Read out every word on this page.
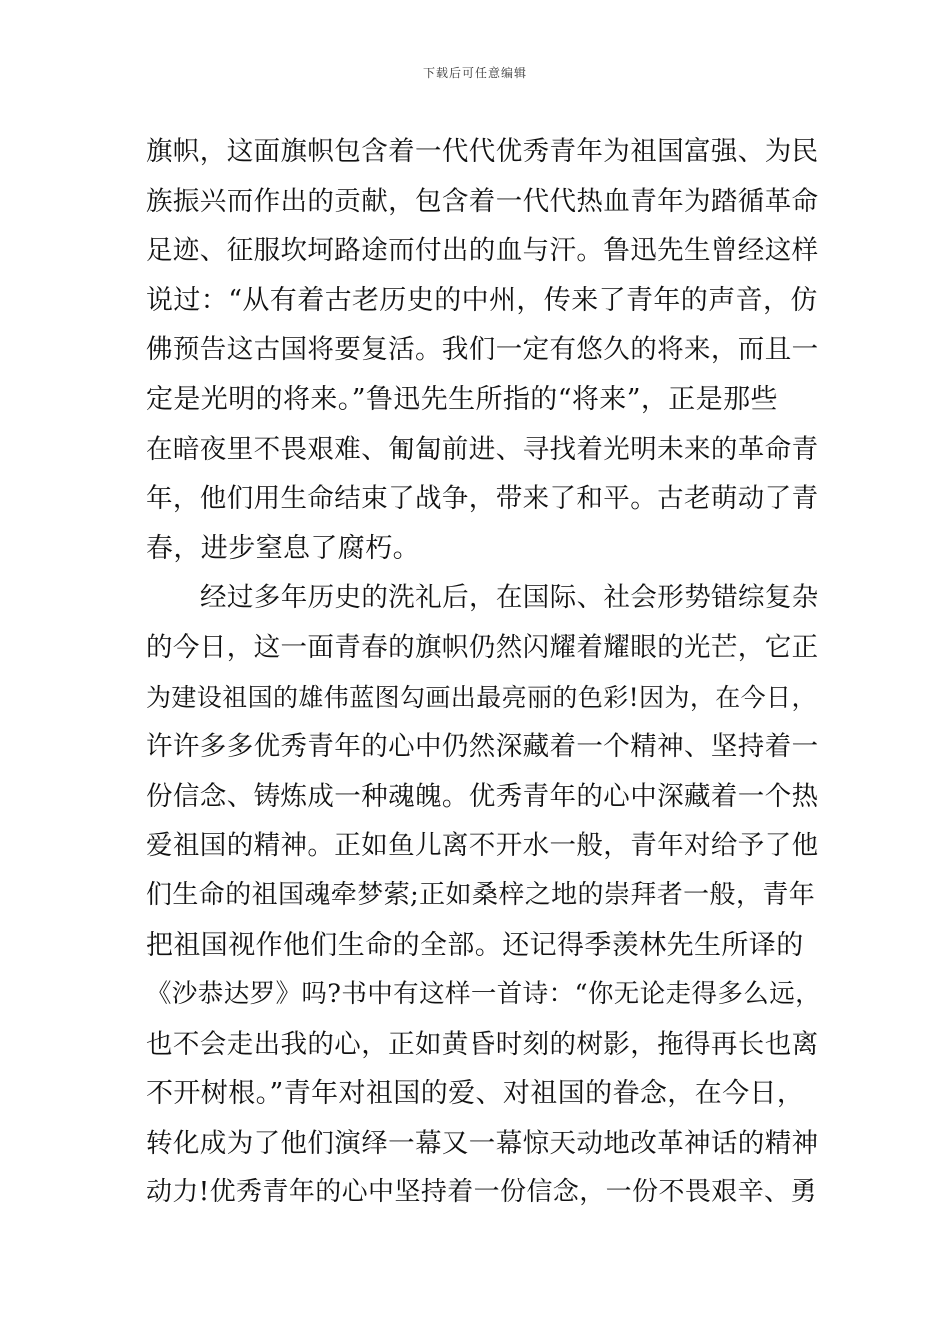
下载后可任意编辑
旗帜，这面旗帜包含着一代代优秀青年为祖国富强、为民
族振兴而作出的贡献，包含着一代代热血青年为踏循革命
足迹、征服坎坷路途而付出的血与汗。鲁迅先生曾经这样
说过：“从有着古老历史的中州，传来了青年的声音，仿
佛预告这古国将要复活。我们一定有悠久的将来，而且一
定是光明的将来。”鲁迅先生所指的“将来”，正是那些
在暗夜里不畏艰难、匍匐前进、寻找着光明未来的革命青
年，他们用生命结束了战争，带来了和平。古老萌动了青
春，进步窒息了腐朽。
经过多年历史的洗礼后，在国际、社会形势错综复杂
的今日，这一面青春的旗帜仍然闪耀着耀眼的光芒，它正
为建设祖国的雄伟蓝图勾画出最亮丽的色彩!因为，在今日，
许许多多优秀青年的心中仍然深藏着一个精神、坚持着一
份信念、铸炼成一种魂魄。优秀青年的心中深藏着一个热
爱祖国的精神。正如鱼儿离不开水一般，青年对给予了他
们生命的祖国魂牵梦萦;正如桑梓之地的崇拜者一般，青年
把祖国视作他们生命的全部。还记得季羡林先生所译的
《沙恭达罗》吗?书中有这样一首诗：“你无论走得多么远，
也不会走出我的心，正如黄昏时刻的树影，拖得再长也离
不开树根。”青年对祖国的爱、对祖国的眷念，在今日，
转化成为了他们演绎一幕又一幕惊天动地改革神话的精神
动力!优秀青年的心中坚持着一份信念，一份不畏艰辛、勇
